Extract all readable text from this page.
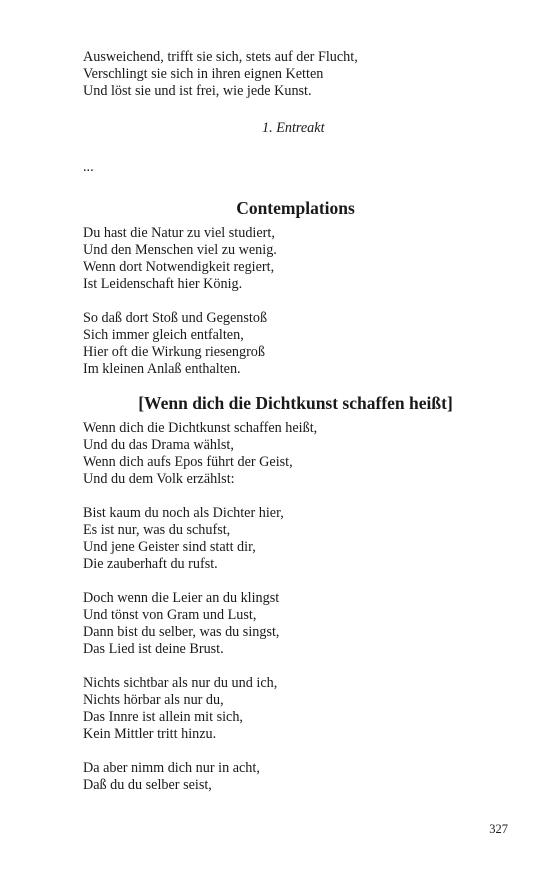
Ausweichend, trifft sie sich, stets auf der Flucht,
Verschlingt sie sich in ihren eignen Ketten
Und löst sie und ist frei, wie jede Kunst.
1. Entreakt
...
Contemplations
Du hast die Natur zu viel studiert,
Und den Menschen viel zu wenig.
Wenn dort Notwendigkeit regiert,
Ist Leidenschaft hier König.
So daß dort Stoß und Gegenstoß
Sich immer gleich entfalten,
Hier oft die Wirkung riesengroß
Im kleinen Anlaß enthalten.
[Wenn dich die Dichtkunst schaffen heißt]
Wenn dich die Dichtkunst schaffen heißt,
Und du das Drama wählst,
Wenn dich aufs Epos führt der Geist,
Und du dem Volk erzählst:
Bist kaum du noch als Dichter hier,
Es ist nur, was du schufst,
Und jene Geister sind statt dir,
Die zauberhaft du rufst.
Doch wenn die Leier an du klingst
Und tönst von Gram und Lust,
Dann bist du selber, was du singst,
Das Lied ist deine Brust.
Nichts sichtbar als nur du und ich,
Nichts hörbar als nur du,
Das Innre ist allein mit sich,
Kein Mittler tritt hinzu.
Da aber nimm dich nur in acht,
Daß du du selber seist,
327
